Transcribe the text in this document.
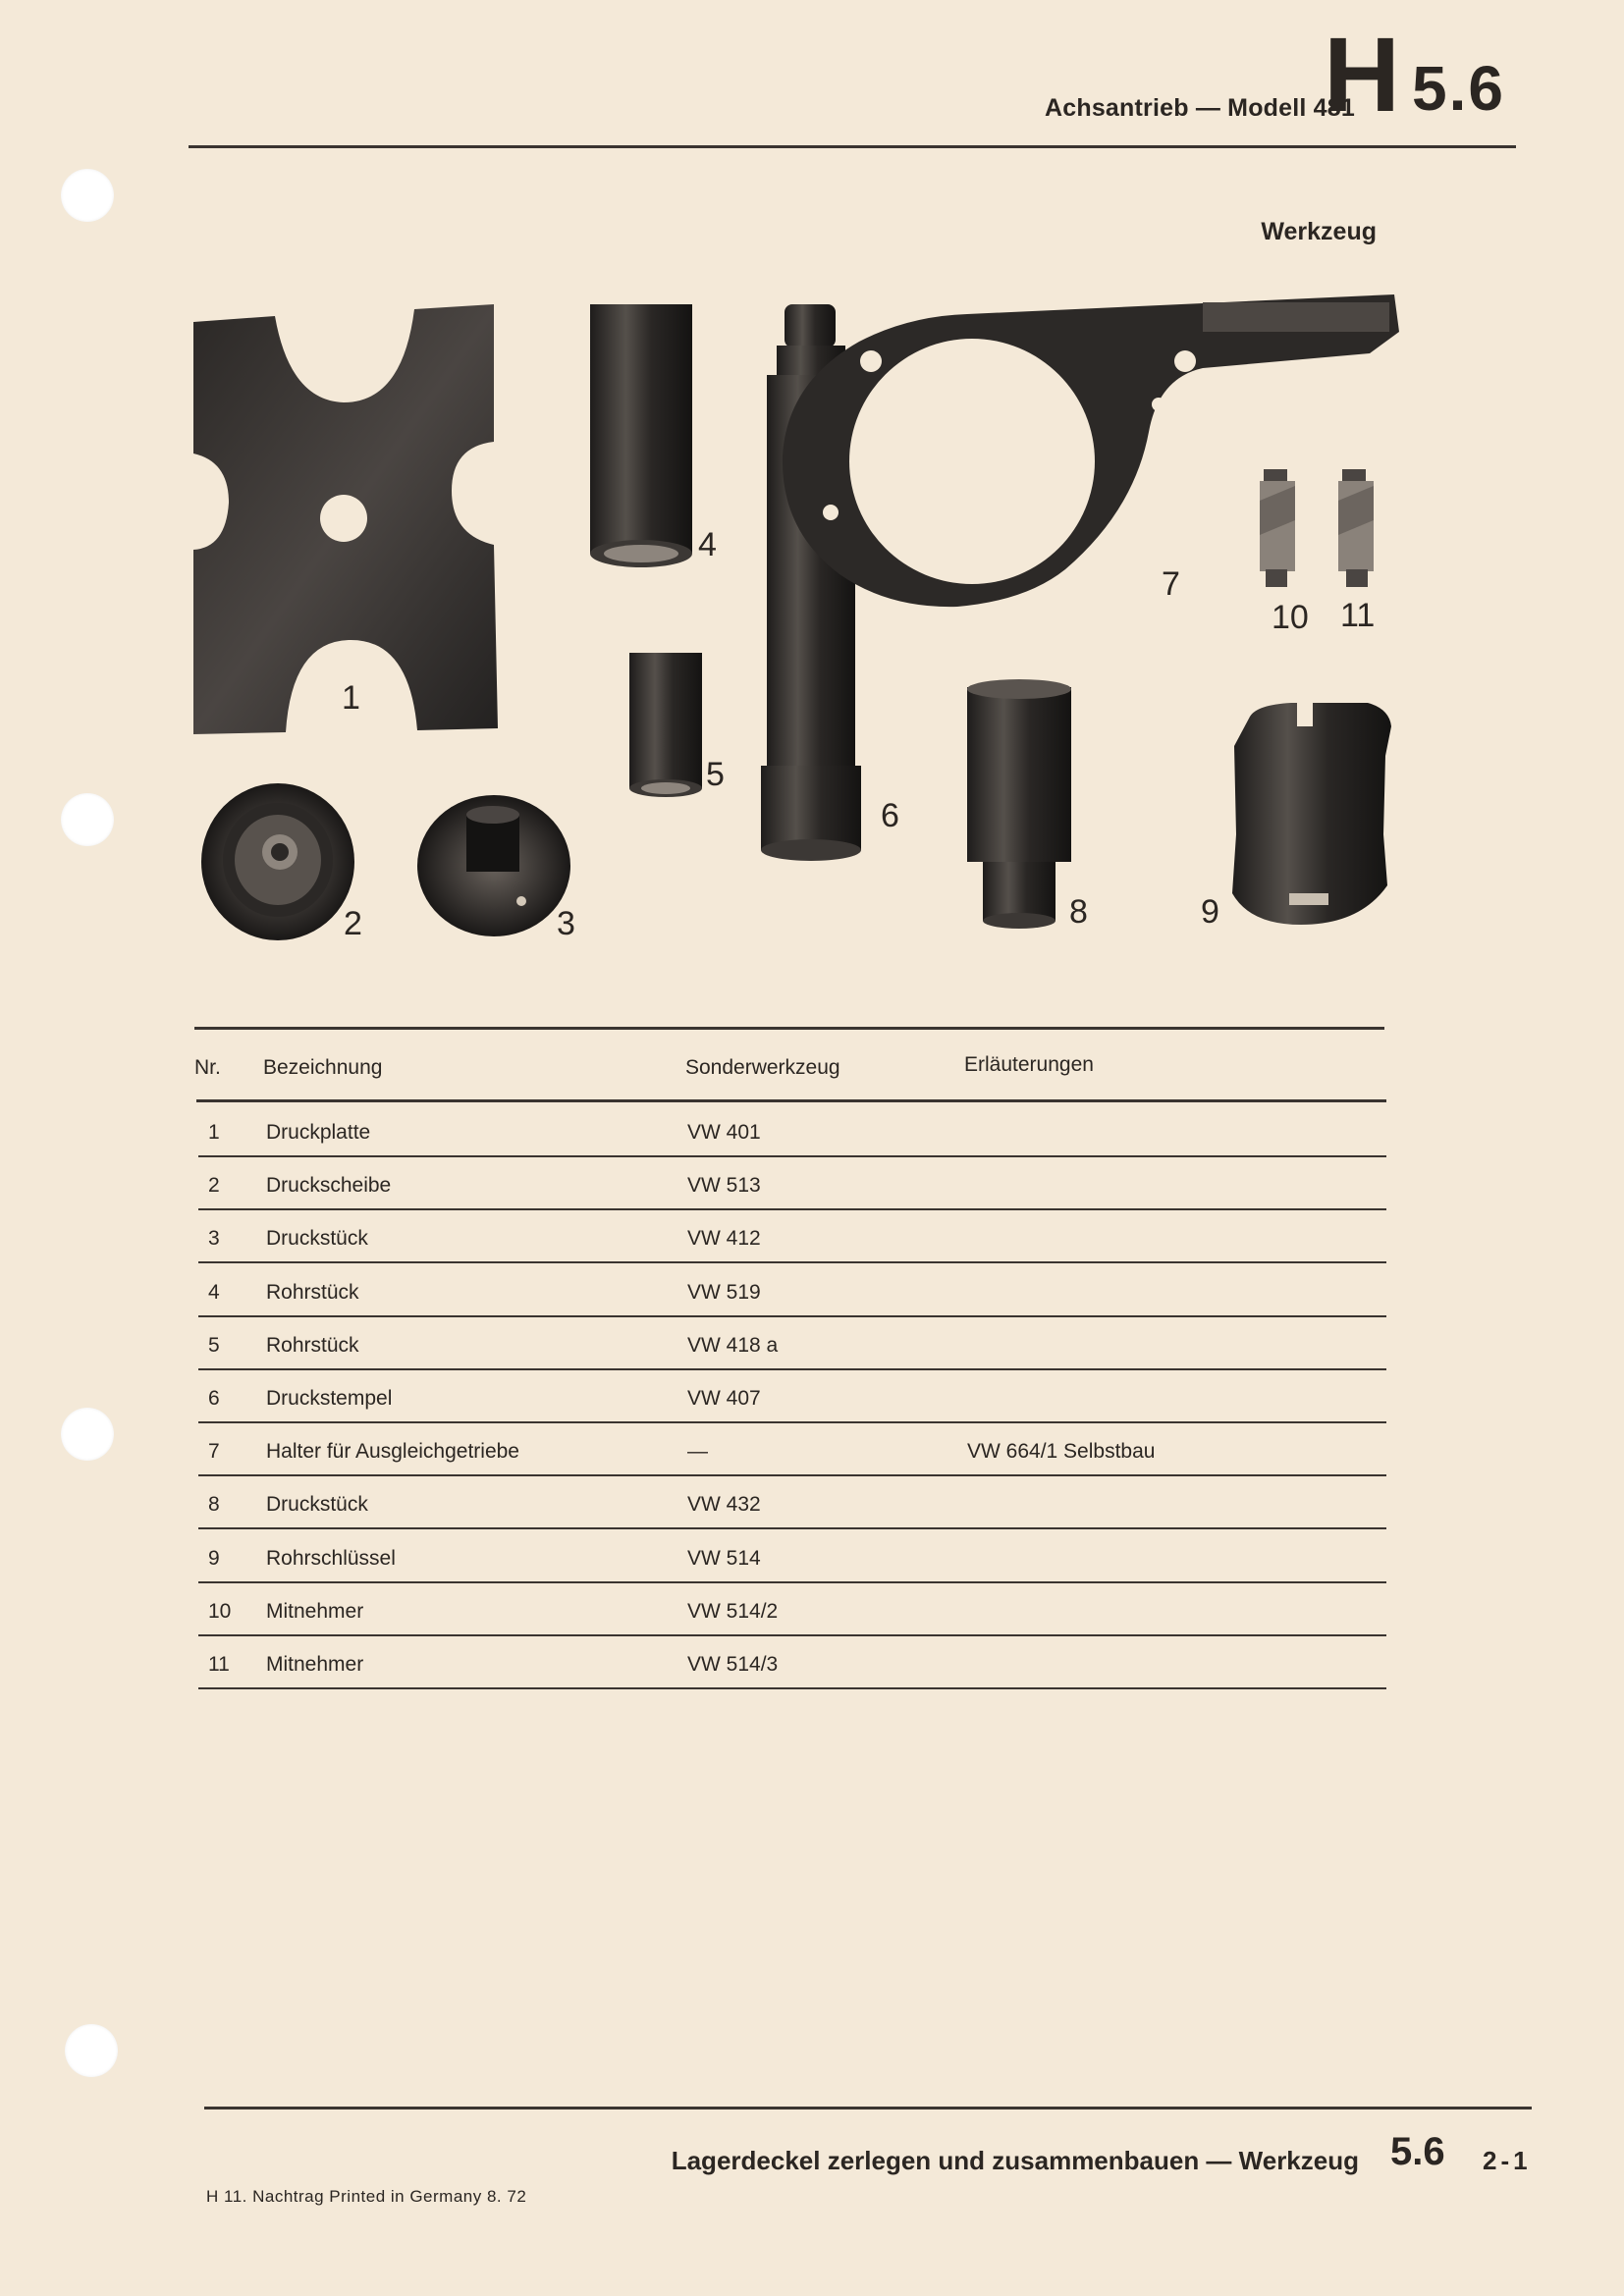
Achsantrieb — Modell 481
H 5.6
Werkzeug
1
4
5
6
7
10 11
2	3	8	9
Nr. Bezeichnung	Sonderwerkzeug	Erläuterungen
1 Druckplatte	VW 401
2 Druckscheibe	VW 513
3 Druckstück	VW 412
4 Rohrstück	VW 519
5 Rohrstück	VW 418 a
6 Druckstempel	VW 407
7 Halter für Ausgleichgetriebe	—	VW 664/1 Selbstbau
8 Druckstück	VW 432
9 Rohrschlüssel	VW 514
10 Mitnehmer	VW 514/2
11 Mitnehmer	VW 514/3
Lagerdeckel zerlegen und zusammenbauen — Werkzeug 5.6 2-1
H 11. Nachtrag Printed in Germany 8. 72
